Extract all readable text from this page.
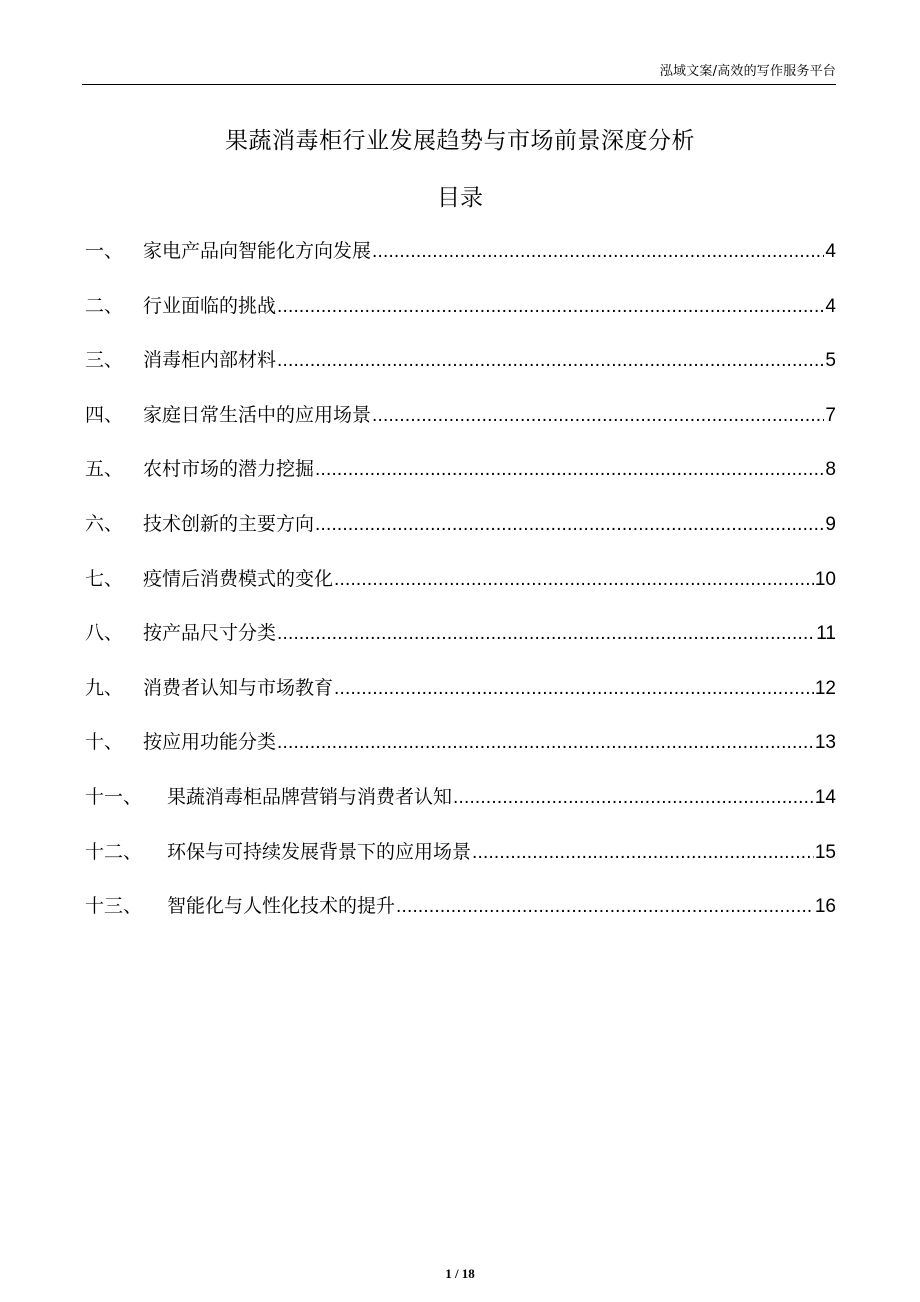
泓域文案/高效的写作服务平台
果蔬消毒柜行业发展趋势与市场前景深度分析
目录
一、	家电产品向智能化方向发展 .....	4
二、	行业面临的挑战 .....	4
三、	消毒柜内部材料 .....	5
四、	家庭日常生活中的应用场景 .....	7
五、	农村市场的潜力挖掘 .....	8
六、	技术创新的主要方向 .....	9
七、	疫情后消费模式的变化 .....	10
八、	按产品尺寸分类 .....	11
九、	消费者认知与市场教育 .....	12
十、	按应用功能分类 .....	13
十一、	果蔬消毒柜品牌营销与消费者认知 .....	14
十二、	环保与可持续发展背景下的应用场景 .....	15
十三、	智能化与人性化技术的提升 .....	16
1 / 18
